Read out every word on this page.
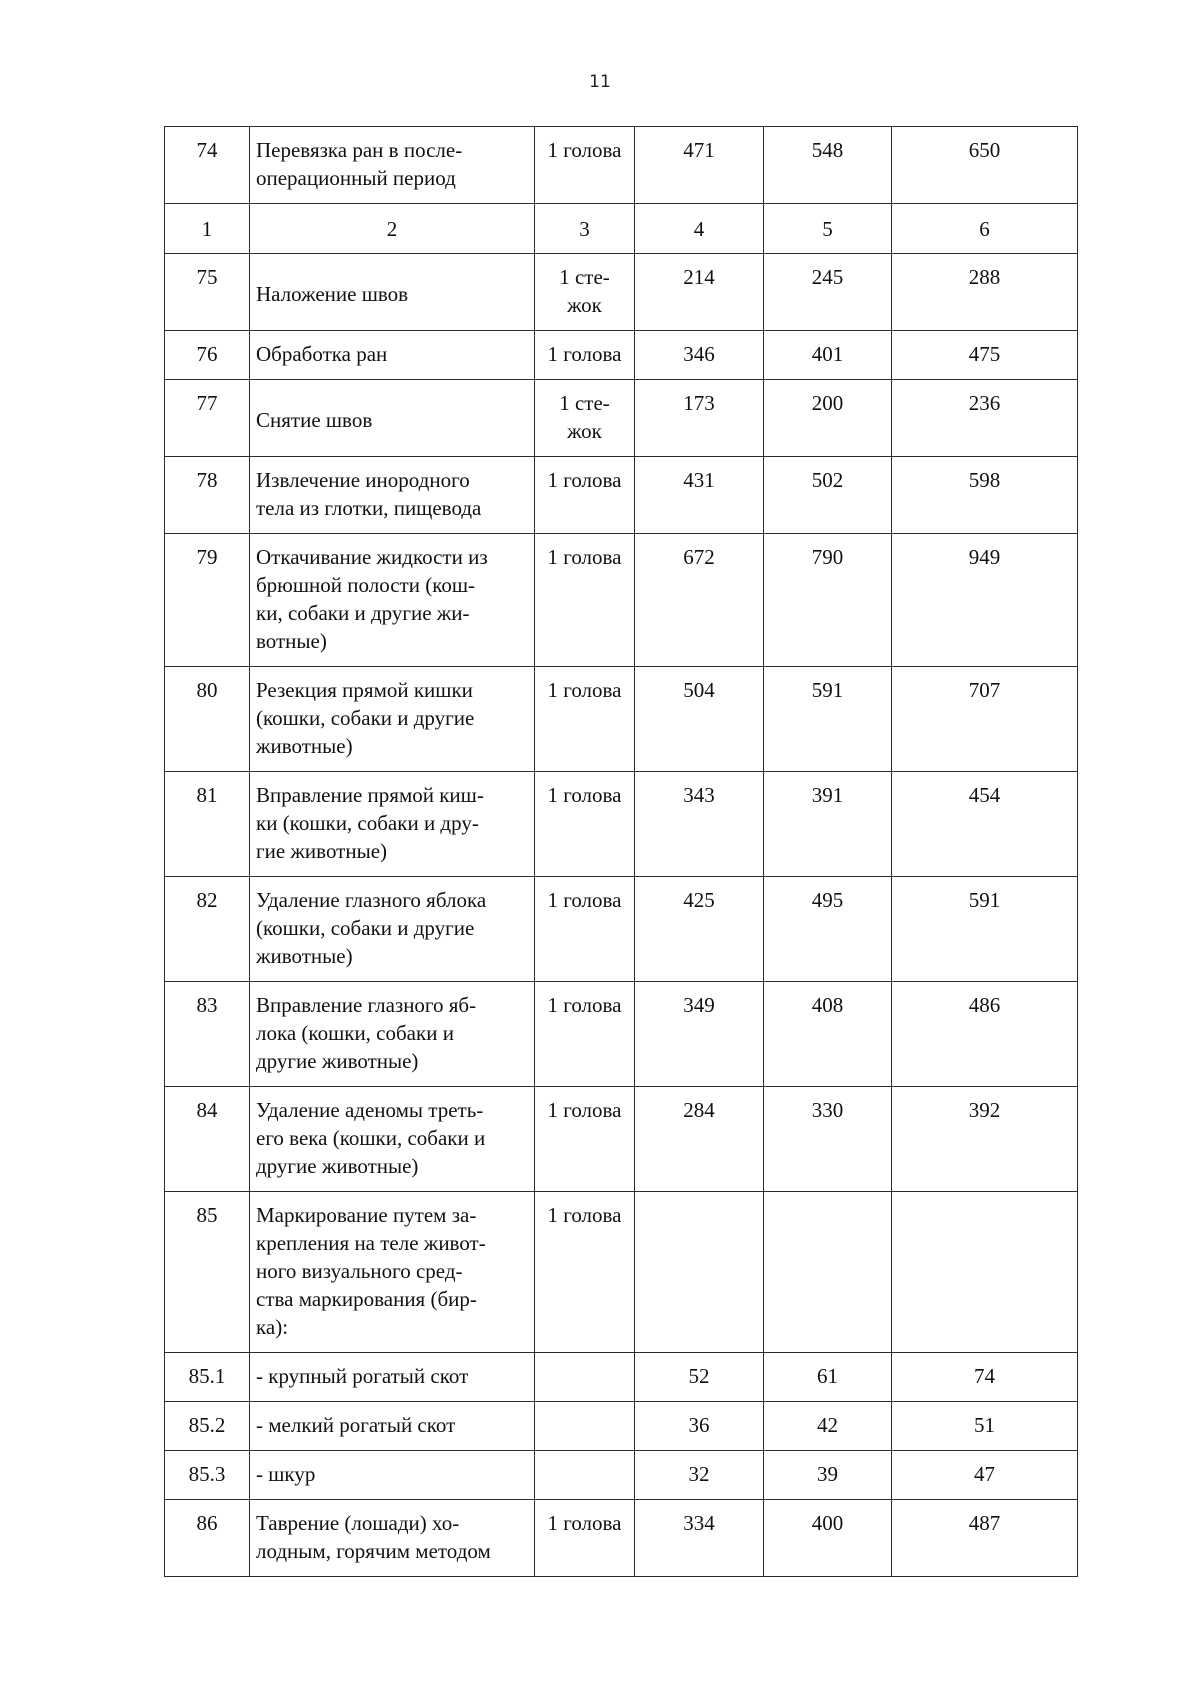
11
74	Перевязка ран в после-
операционный период	1 голова	471	548	650
1	2	3	4	5	6
75	Наложение швов	1 сте-
жок	214	245	288
76	Обработка ран	1 голова	346	401	475
77	Снятие швов	1 сте-
жок	173	200	236
78	Извлечение инородного
тела из глотки, пищевода	1 голова	431	502	598
79	Откачивание жидкости из
брюшной полости (кош-
ки, собаки и другие жи-
вотные)	1 голова	672	790	949
80	Резекция прямой кишки
(кошки, собаки и другие
животные)	1 голова	504	591	707
81	Вправление прямой киш-
ки (кошки, собаки и дру-
гие животные)	1 голова	343	391	454
82	Удаление глазного яблока
(кошки, собаки и другие
животные)	1 голова	425	495	591
83	Вправление глазного яб-
лока (кошки, собаки и
другие животные)	1 голова	349	408	486
84	Удаление аденомы треть-
его века (кошки, собаки и
другие животные)	1 голова	284	330	392
85	Маркирование путем за-
крепления на теле живот-
ного визуального сред-
ства маркирования (бир-
ка):	1 голова			
85.1	- крупный рогатый скот		52	61	74
85.2	- мелкий рогатый скот		36	42	51
85.3	- шкур		32	39	47
86	Таврение (лошади) хо-
лодным, горячим методом	1 голова	334	400	487
